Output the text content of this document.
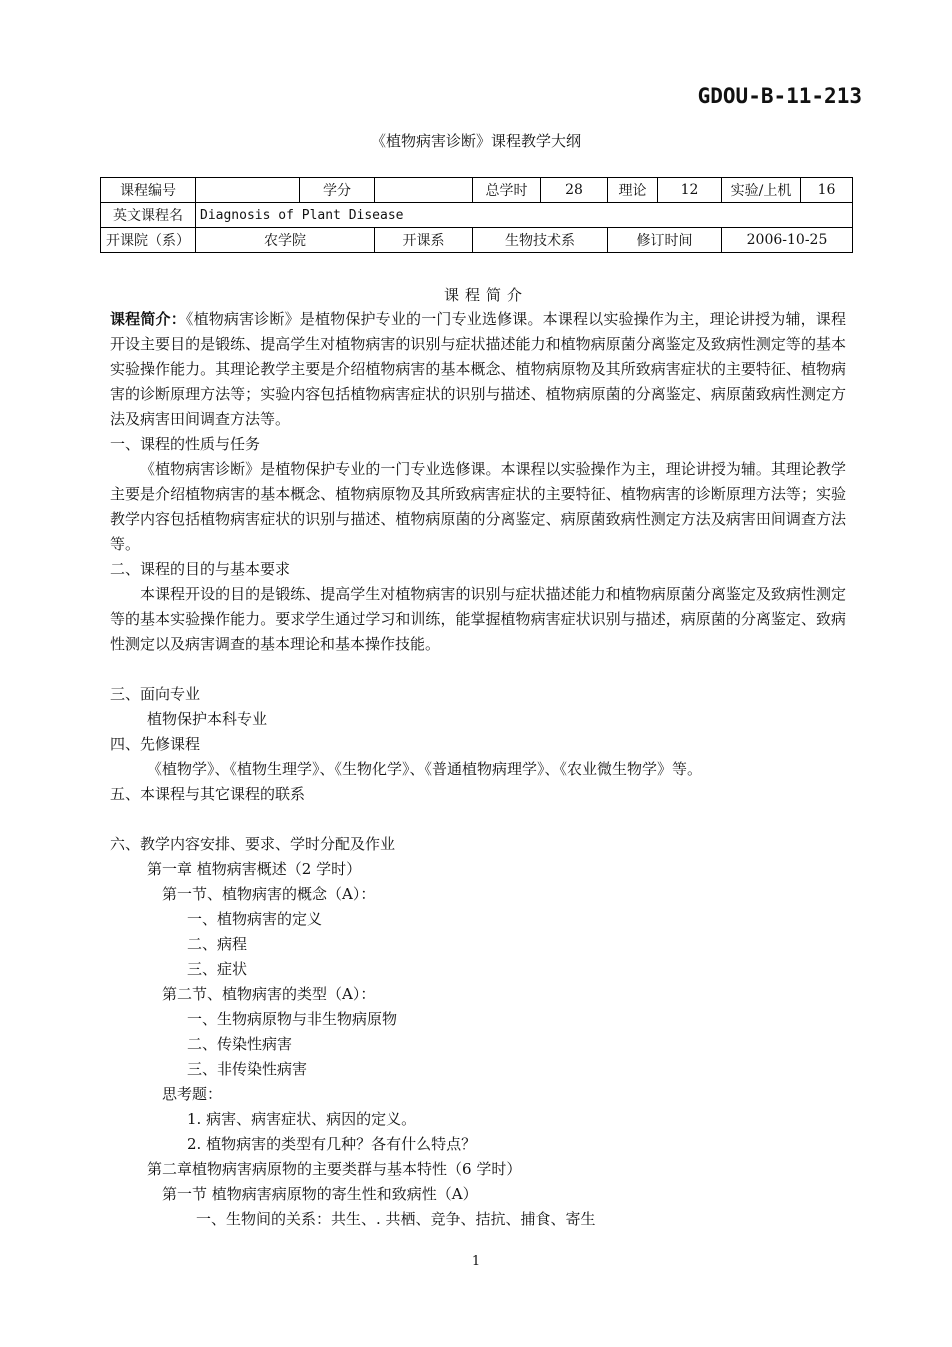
GDOU-B-11-213
《植物病害诊断》课程教学大纲
课程编号		学分		总学时	28	理论	12	实验/上机	16
英文课程名	Diagnosis of Plant Disease								
开课院（系）	农学院		开课系	生物技术系		修订时间		2006-10-25	
课程简介

课程简介：《植物病害诊断》是植物保护专业的一门专业选修课。本课程以实验操作为主，理论讲授为辅，课程开设主要目的是锻练、提高学生对植物病害的识别与症状描述能力和植物病原菌分离鉴定及致病性测定等的基本实验操作能力。其理论教学主要是介绍植物病害的基本概念、植物病原物及其所致病害症状的主要特征、植物病害的诊断原理方法等；实验内容包括植物病害症状的识别与描述、植物病原菌的分离鉴定、病原菌致病性测定方法及病害田间调查方法等。

一、课程的性质与任务

《植物病害诊断》是植物保护专业的一门专业选修课。本课程以实验操作为主，理论讲授为辅。其理论教学主要是介绍植物病害的基本概念、植物病原物及其所致病害症状的主要特征、植物病害的诊断原理方法等；实验教学内容包括植物病害症状的识别与描述、植物病原菌的分离鉴定、病原菌致病性测定方法及病害田间调查方法等。

二、课程的目的与基本要求

本课程开设的目的是锻练、提高学生对植物病害的识别与症状描述能力和植物病原菌分离鉴定及致病性测定等的基本实验操作能力。要求学生通过学习和训练，能掌握植物病害症状识别与描述，病原菌的分离鉴定、致病性测定以及病害调查的基本理论和基本操作技能。

三、面向专业

植物保护本科专业

四、先修课程

《植物学》、《植物生理学》、《生物化学》、《普通植物病理学》、《农业微生物学》等。

五、本课程与其它课程的联系

六、教学内容安排、要求、学时分配及作业

第一章 植物病害概述（2 学时）

第一节、植物病害的概念（A）：

一、植物病害的定义

二、病程

三、症状

第二节、植物病害的类型（A）：

一、生物病原物与非生物病原物

二、传染性病害

三、非传染性病害

思考题：

1. 病害、病害症状、病因的定义。

2. 植物病害的类型有几种？各有什么特点？

第二章植物病害病原物的主要类群与基本特性（6 学时）

第一节 植物病害病原物的寄生性和致病性（A）

一、生物间的关系：共生、. 共栖、竞争、拮抗、捕食、寄生

1
